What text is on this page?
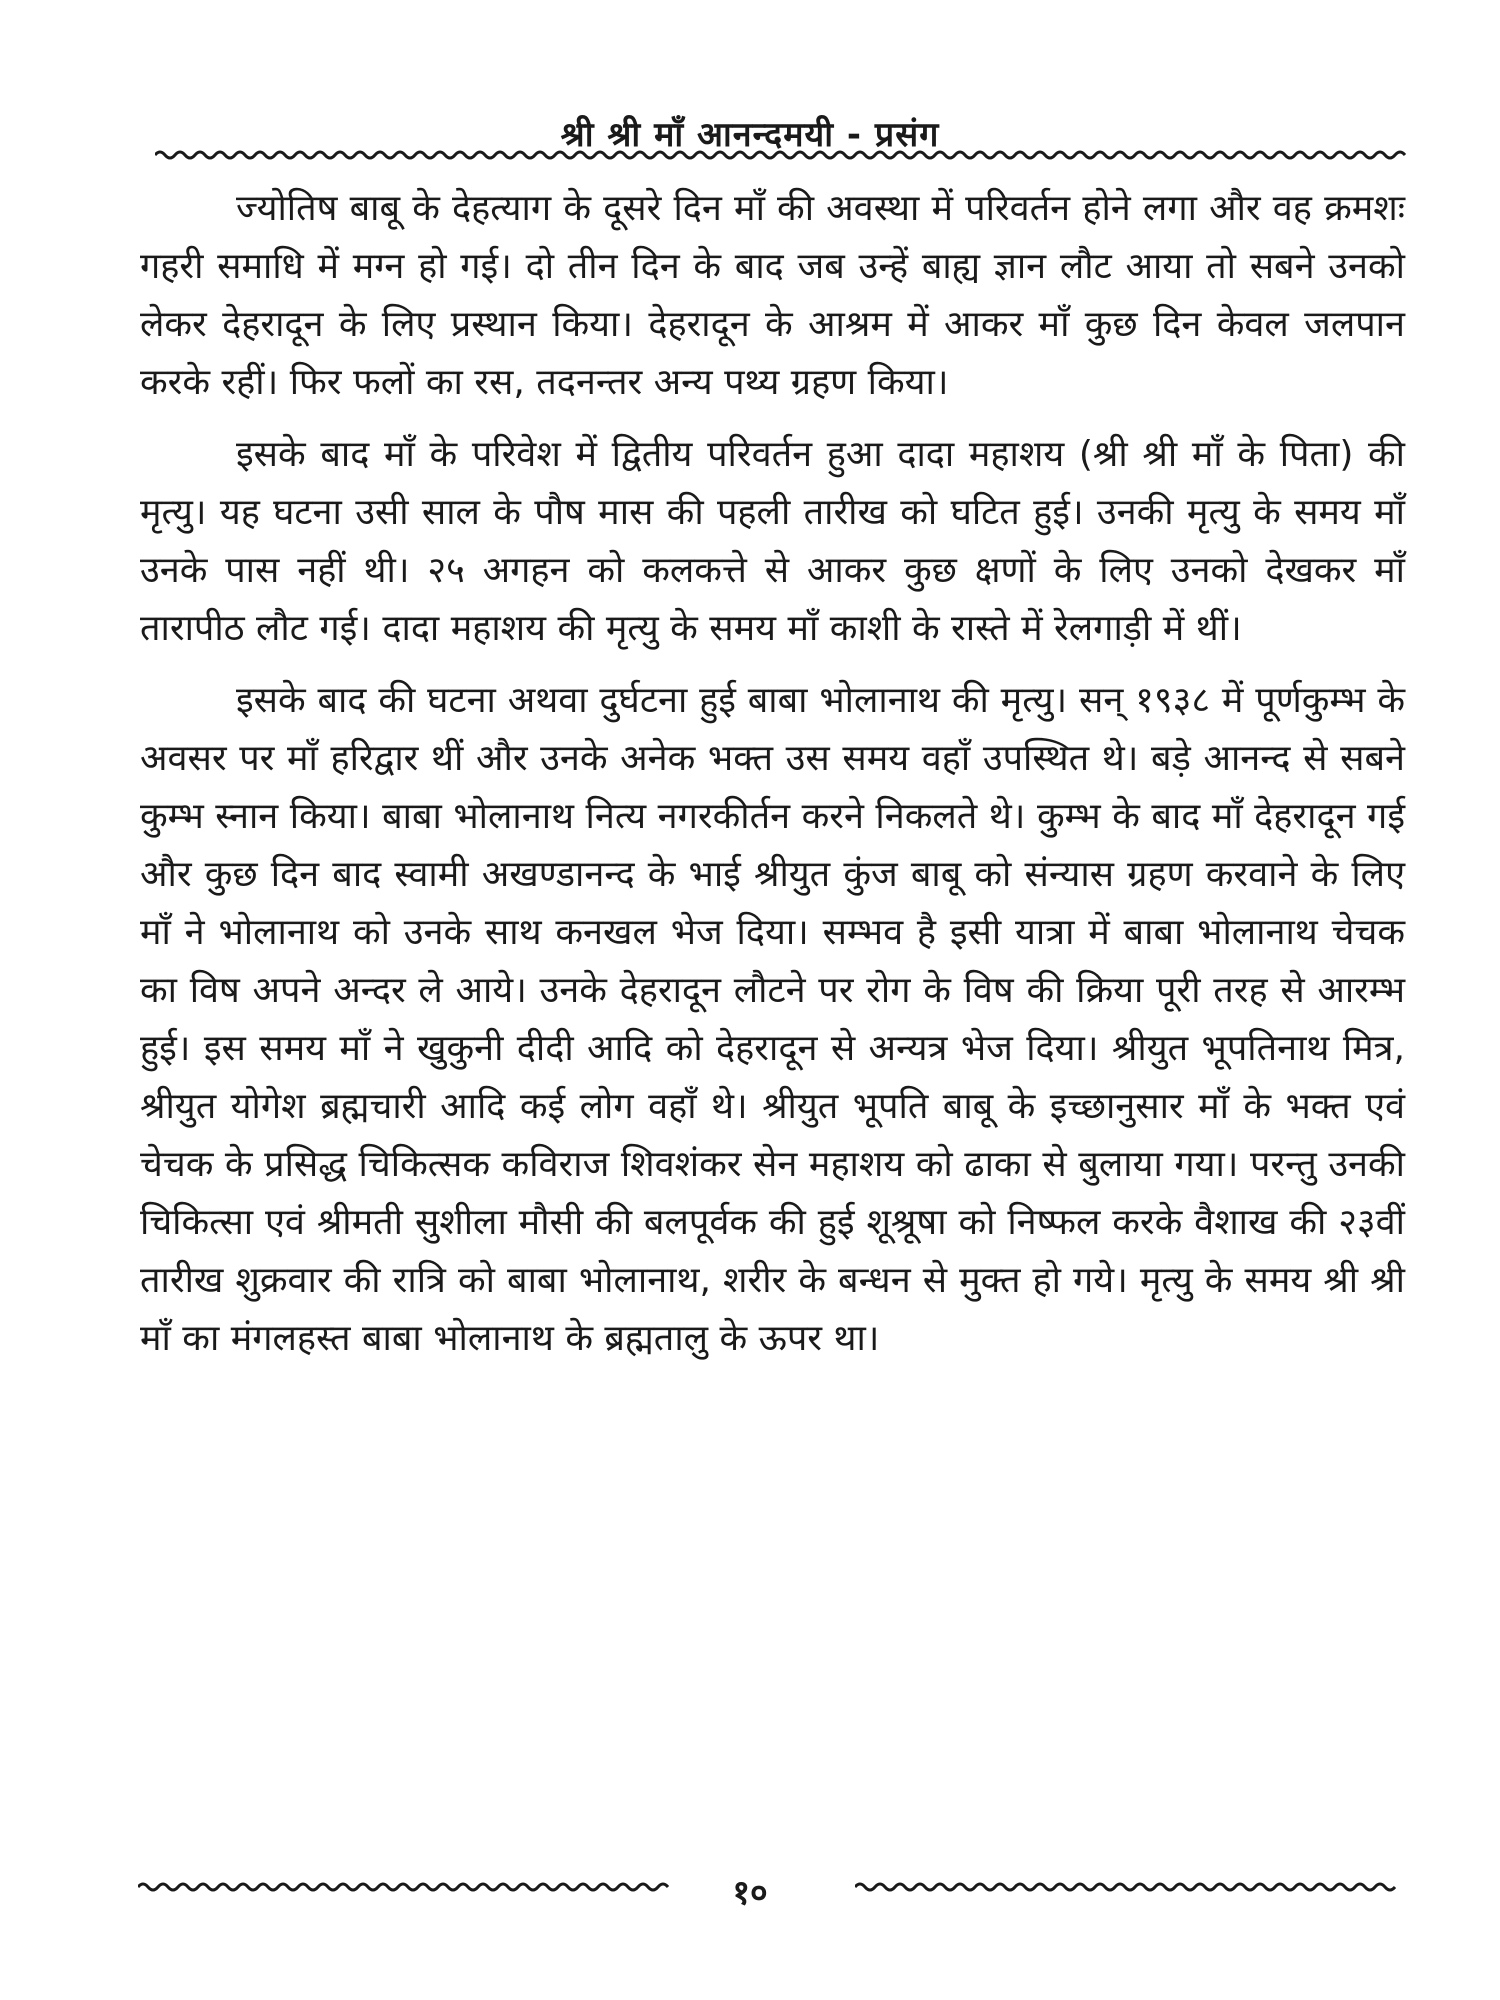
श्री श्री माँ आनन्दमयी - प्रसंग

ज्योतिष बाबू के देहत्याग के दूसरे दिन माँ की अवस्था में परिवर्तन होने लगा और वह क्रमशः गहरी समाधि में मग्न हो गई। दो तीन दिन के बाद जब उन्हें बाह्य ज्ञान लौट आया तो सबने उनको लेकर देहरादून के लिए प्रस्थान किया। देहरादून के आश्रम में आकर माँ कुछ दिन केवल जलपान करके रहीं। फिर फलों का रस, तदनन्तर अन्य पथ्य ग्रहण किया।

इसके बाद माँ के परिवेश में द्वितीय परिवर्तन हुआ दादा महाशय (श्री श्री माँ के पिता) की मृत्यु। यह घटना उसी साल के पौष मास की पहली तारीख को घटित हुई। उनकी मृत्यु के समय माँ उनके पास नहीं थी। २५ अगहन को कलकत्ते से आकर कुछ क्षणों के लिए उनको देखकर माँ तारापीठ लौट गई। दादा महाशय की मृत्यु के समय माँ काशी के रास्ते में रेलगाड़ी में थीं।

इसके बाद की घटना अथवा दुर्घटना हुई बाबा भोलानाथ की मृत्यु। सन् १९३८ में पूर्णकुम्भ के अवसर पर माँ हरिद्वार थीं और उनके अनेक भक्त उस समय वहाँ उपस्थित थे। बड़े आनन्द से सबने कुम्भ स्नान किया। बाबा भोलानाथ नित्य नगरकीर्तन करने निकलते थे। कुम्भ के बाद माँ देहरादून गई और कुछ दिन बाद स्वामी अखण्डानन्द के भाई श्रीयुत कुंज बाबू को संन्यास ग्रहण करवाने के लिए माँ ने भोलानाथ को उनके साथ कनखल भेज दिया। सम्भव है इसी यात्रा में बाबा भोलानाथ चेचक का विष अपने अन्दर ले आये। उनके देहरादून लौटने पर रोग के विष की क्रिया पूरी तरह से आरम्भ हुई। इस समय माँ ने खुकुनी दीदी आदि को देहरादून से अन्यत्र भेज दिया। श्रीयुत भूपतिनाथ मित्र, श्रीयुत योगेश ब्रह्मचारी आदि कई लोग वहाँ थे। श्रीयुत भूपति बाबू के इच्छानुसार माँ के भक्त एवं चेचक के प्रसिद्ध चिकित्सक कविराज शिवशंकर सेन महाशय को ढाका से बुलाया गया। परन्तु उनकी चिकित्सा एवं श्रीमती सुशीला मौसी की बलपूर्वक की हुई शूश्रूषा को निष्फल करके वैशाख की २३वीं तारीख शुक्रवार की रात्रि को बाबा भोलानाथ, शरीर के बन्धन से मुक्त हो गये। मृत्यु के समय श्री श्री माँ का मंगलहस्त बाबा भोलानाथ के ब्रह्मतालु के ऊपर था।

१०
